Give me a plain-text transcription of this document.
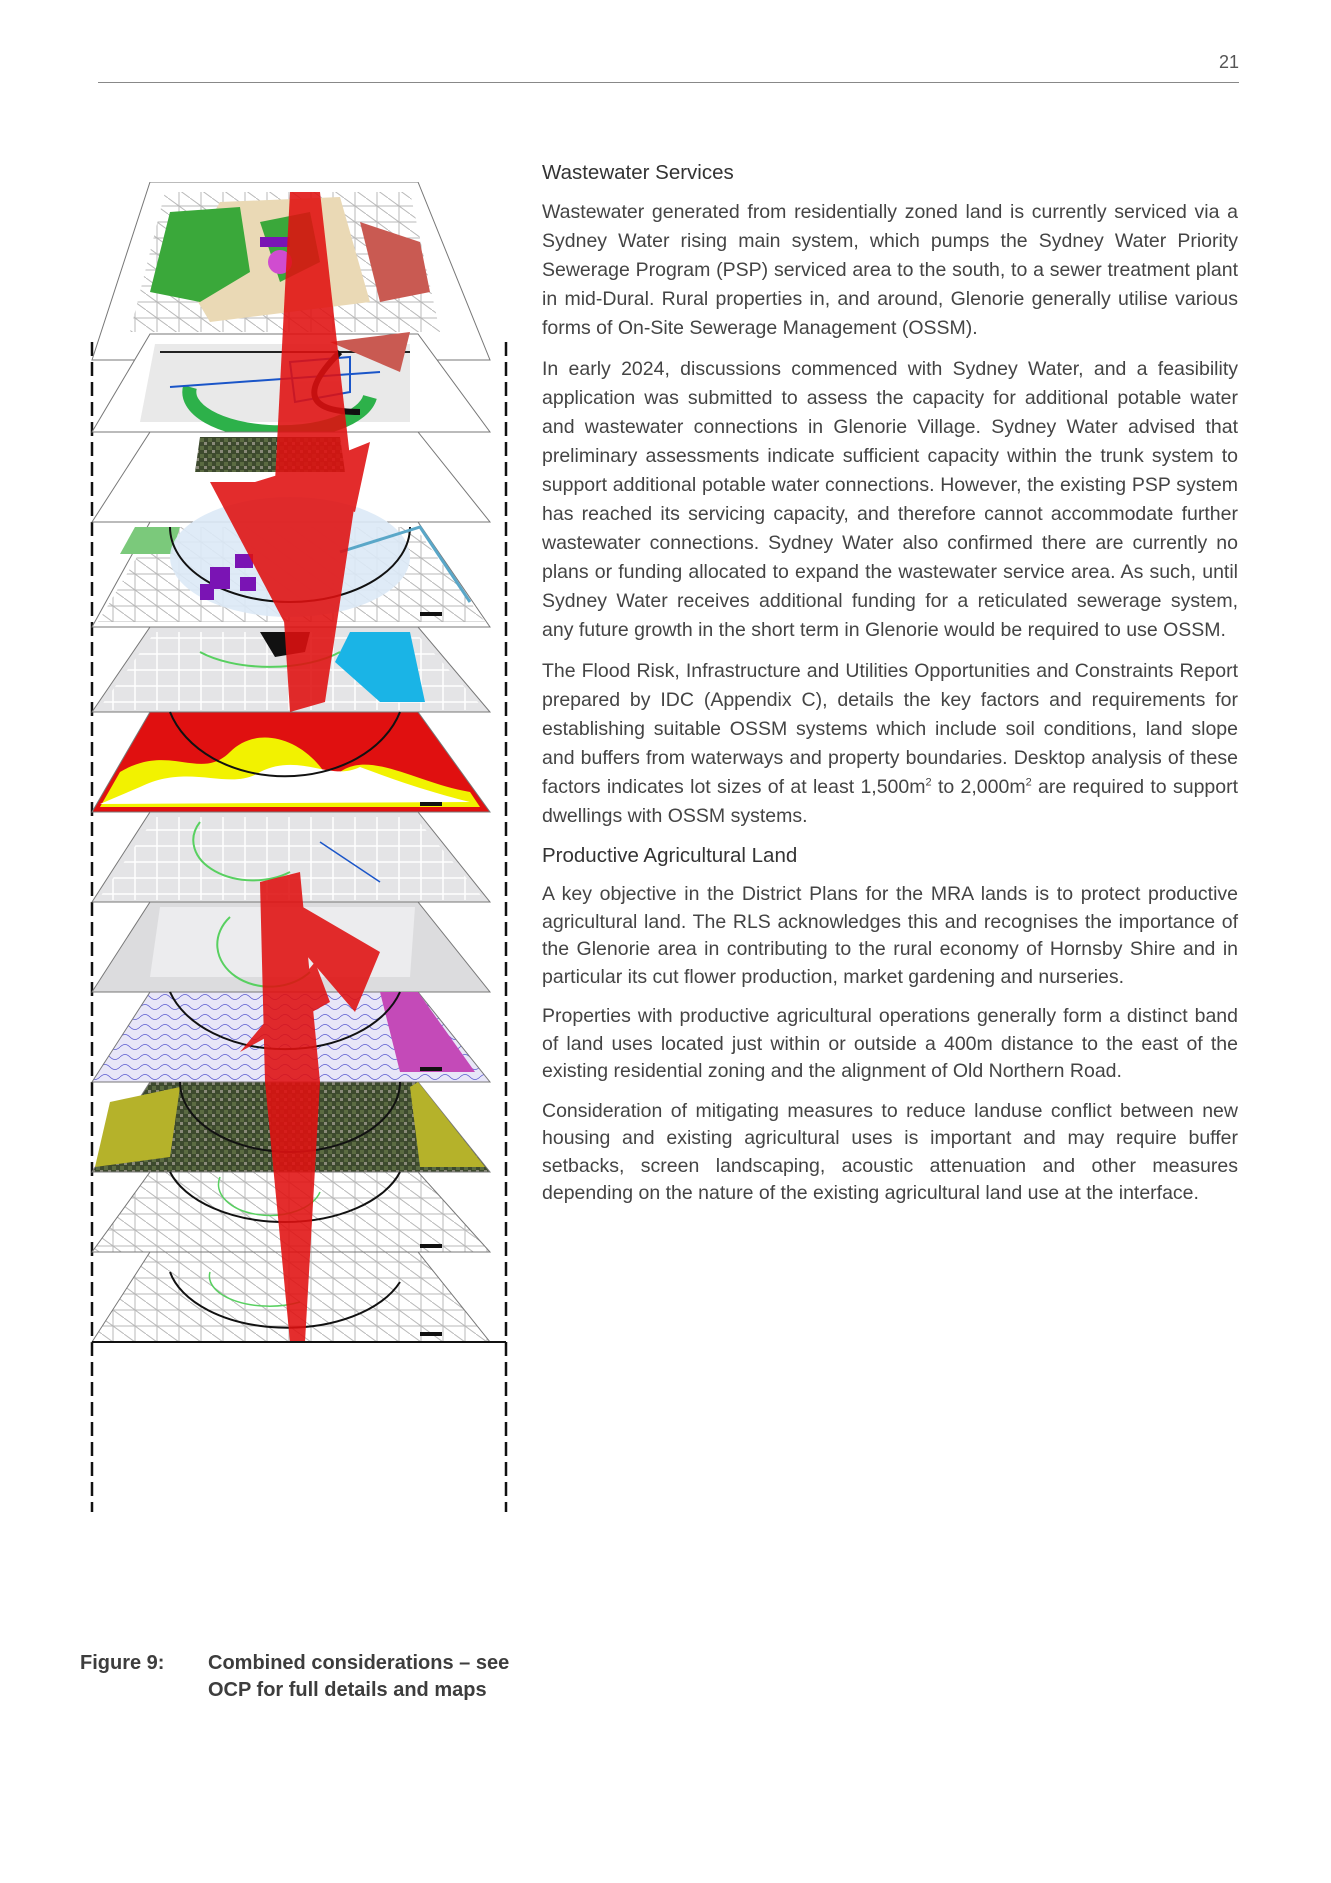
21
Figure 9: Combined considerations – see OCP for full details and maps
Wastewater Services

Wastewater generated from residentially zoned land is currently serviced via a Sydney Water rising main system, which pumps the Sydney Water Priority Sewerage Program (PSP) serviced area to the south, to a sewer treatment plant in mid-Dural. Rural properties in, and around, Glenorie generally utilise various forms of On-Site Sewerage Management (OSSM).

In early 2024, discussions commenced with Sydney Water, and a feasibility application was submitted to assess the capacity for additional potable water and wastewater connections in Glenorie Village. Sydney Water advised that preliminary assessments indicate sufficient capacity within the trunk system to support additional potable water connections. However, the existing PSP system has reached its servicing capacity, and therefore cannot accommodate further wastewater connections. Sydney Water also confirmed there are currently no plans or funding allocated to expand the wastewater service area. As such, until Sydney Water receives additional funding for a reticulated sewerage system, any future growth in the short term in Glenorie would be required to use OSSM.

The Flood Risk, Infrastructure and Utilities Opportunities and Constraints Report prepared by IDC (Appendix C), details the key factors and requirements for establishing suitable OSSM systems which include soil conditions, land slope and buffers from waterways and property boundaries. Desktop analysis of these factors indicates lot sizes of at least $1,500m^2$ to $2,000m^2$ are required to support dwellings with OSSM systems.

Productive Agricultural Land

A key objective in the District Plans for the MRA lands is to protect productive agricultural land. The RLS acknowledges this and recognises the importance of the Glenorie area in contributing to the rural economy of Hornsby Shire and in particular its cut flower production, market gardening and nurseries.

Properties with productive agricultural operations generally form a distinct band of land uses located just within or outside a 400m distance to the east of the existing residential zoning and the alignment of Old Northern Road.

Consideration of mitigating measures to reduce landuse conflict between new housing and existing agricultural uses is important and may require buffer setbacks, screen landscaping, acoustic attenuation and other measures depending on the nature of the existing agricultural land use at the interface.
